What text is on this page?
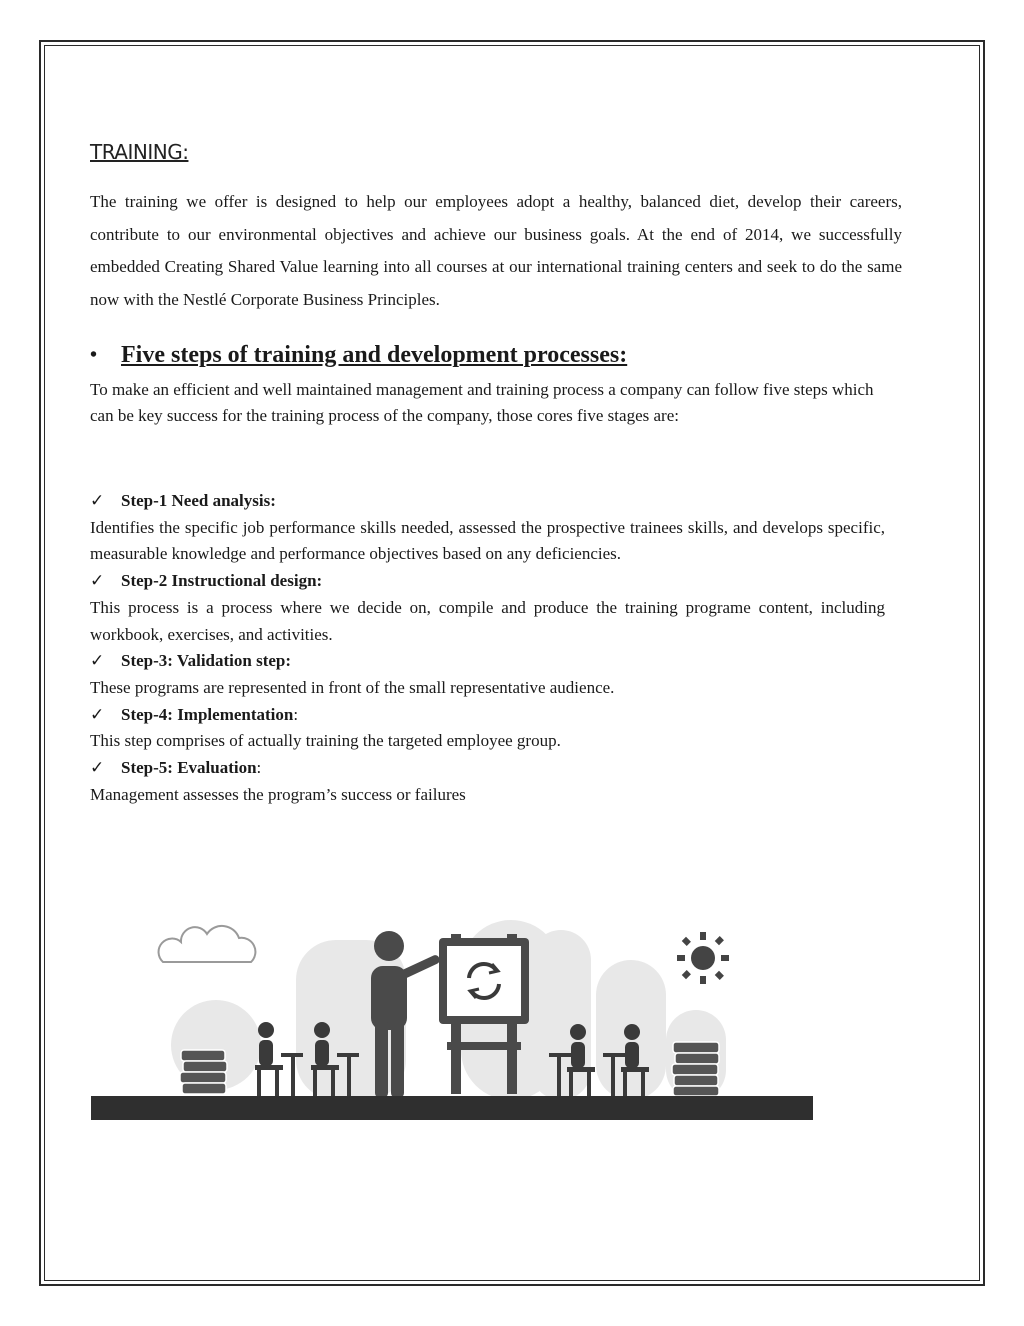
TRAINING:

The training we offer is designed to help our employees adopt a healthy, balanced diet, develop their careers, contribute to our environmental objectives and achieve our business goals. At the end of 2014, we successfully embedded Creating Shared Value learning into all courses at our international training centers and seek to do the same now with the Nestlé Corporate Business Principles.

• Five steps of training and development processes:

To make an efficient and well maintained management and training process a company can follow five steps which can be key success for the training process of the company, those cores five stages are:

✓ Step-1 Need analysis:
Identifies the specific job performance skills needed, assessed the prospective trainees skills, and develops specific, measurable knowledge and performance objectives based on any deficiencies.
✓ Step-2 Instructional design:
This process is a process where we decide on, compile and produce the training programe content, including workbook, exercises, and activities.
✓ Step-3: Validation step:
These programs are represented in front of the small representative audience.
✓ Step-4: Implementation :
This step comprises of actually training the targeted employee group.
✓ Step-5: Evaluation :
Management assesses the program’s success or failures
